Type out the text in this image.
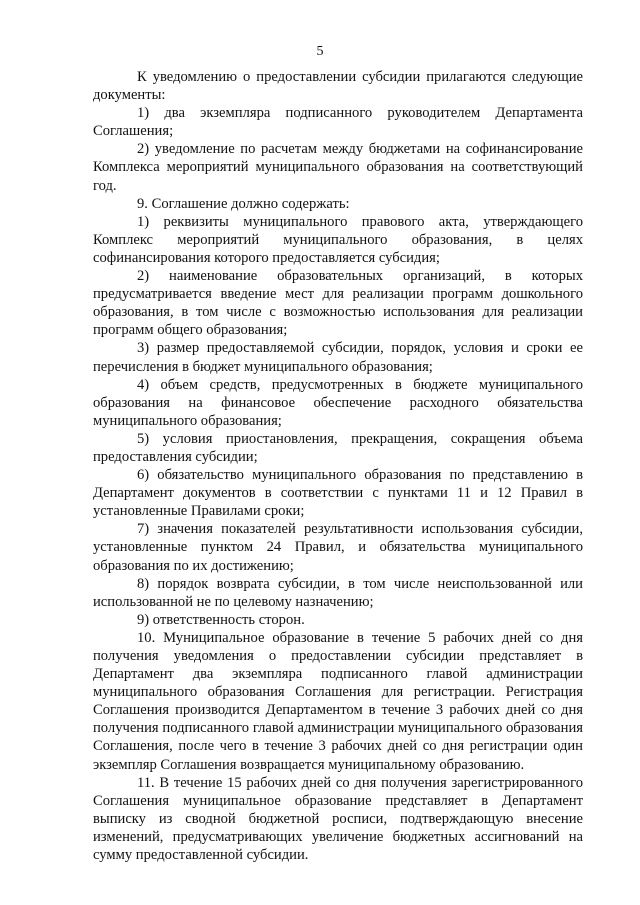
5

К уведомлению о предоставлении субсидии прилагаются следующие документы:

1) два экземпляра подписанного руководителем Департамента Соглашения;

2) уведомление по расчетам между бюджетами на софинансирование Комплекса мероприятий муниципального образования на соответствующий год.

9. Соглашение должно содержать:

1) реквизиты муниципального правового акта, утверждающего Комплекс мероприятий муниципального образования, в целях софинансирования которого предоставляется субсидия;

2) наименование образовательных организаций, в которых предусматривается введение мест для реализации программ дошкольного образования, в том числе с возможностью использования для реализации программ общего образования;

3) размер предоставляемой субсидии, порядок, условия и сроки ее перечисления в бюджет муниципального образования;

4) объем средств, предусмотренных в бюджете муниципального образования на финансовое обеспечение расходного обязательства муниципального образования;

5) условия приостановления, прекращения, сокращения объема предоставления субсидии;

6) обязательство муниципального образования по представлению в Департамент документов в соответствии с пунктами 11 и 12 Правил в установленные Правилами сроки;

7) значения показателей результативности использования субсидии, установленные пунктом 24 Правил, и обязательства муниципального образования по их достижению;

8) порядок возврата субсидии, в том числе неиспользованной или использованной не по целевому назначению;

9) ответственность сторон.

10. Муниципальное образование в течение 5 рабочих дней со дня получения уведомления о предоставлении субсидии представляет в Департамент два экземпляра подписанного главой администрации муниципального образования Соглашения для регистрации. Регистрация Соглашения производится Департаментом в течение 3 рабочих дней со дня получения подписанного главой администрации муниципального образования Соглашения, после чего в течение 3 рабочих дней со дня регистрации один экземпляр Соглашения возвращается муниципальному образованию.

11. В течение 15 рабочих дней со дня получения зарегистрированного Соглашения муниципальное образование представляет в Департамент выписку из сводной бюджетной росписи, подтверждающую внесение изменений, предусматривающих увеличение бюджетных ассигнований на сумму предоставленной субсидии.
